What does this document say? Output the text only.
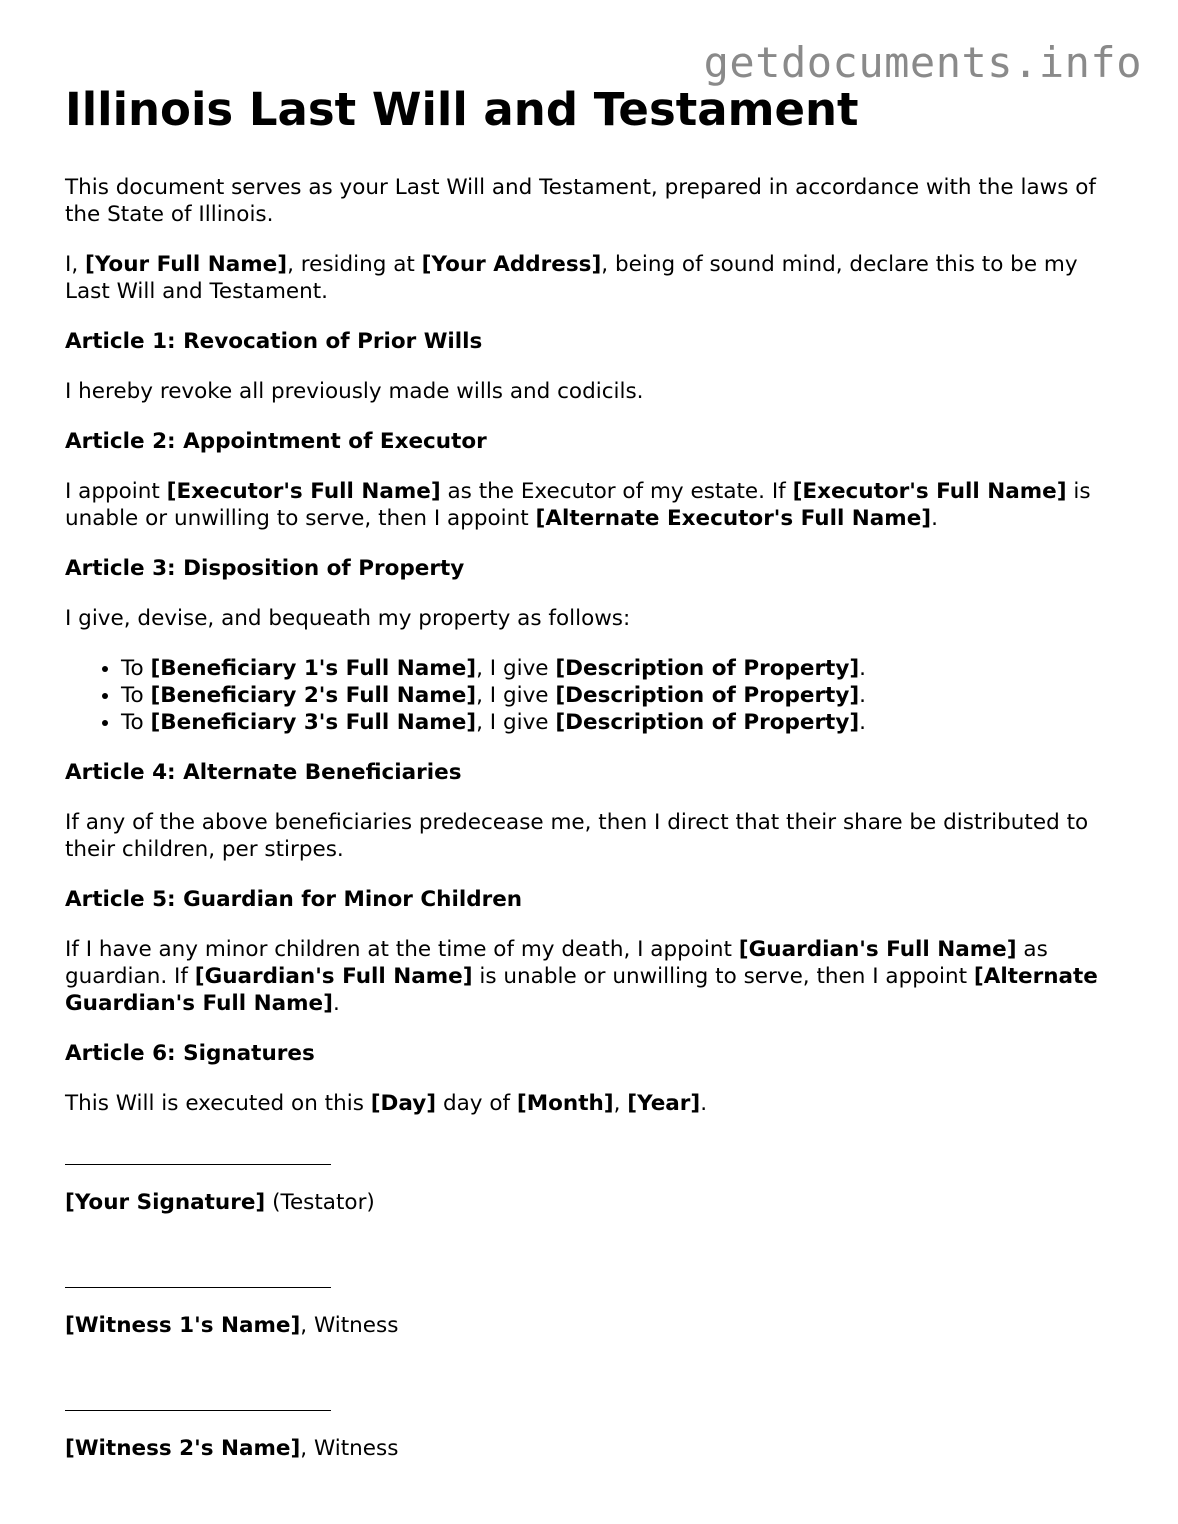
getdocuments.info
Illinois Last Will and Testament

This document serves as your Last Will and Testament, prepared in accordance with the laws of the State of Illinois.

I, [Your Full Name], residing at [Your Address], being of sound mind, declare this to be my Last Will and Testament.

Article 1: Revocation of Prior Wills

I hereby revoke all previously made wills and codicils.

Article 2: Appointment of Executor

I appoint [Executor's Full Name] as the Executor of my estate. If [Executor's Full Name] is unable or unwilling to serve, then I appoint [Alternate Executor's Full Name].

Article 3: Disposition of Property

I give, devise, and bequeath my property as follows:

• To [Beneficiary 1's Full Name], I give [Description of Property].
• To [Beneficiary 2's Full Name], I give [Description of Property].
• To [Beneficiary 3's Full Name], I give [Description of Property].

Article 4: Alternate Beneficiaries

If any of the above beneficiaries predecease me, then I direct that their share be distributed to their children, per stirpes.

Article 5: Guardian for Minor Children

If I have any minor children at the time of my death, I appoint [Guardian's Full Name] as guardian. If [Guardian's Full Name] is unable or unwilling to serve, then I appoint [Alternate Guardian's Full Name].

Article 6: Signatures

This Will is executed on this [Day] day of [Month], [Year].

[Your Signature] (Testator)

[Witness 1's Name], Witness

[Witness 2's Name], Witness
